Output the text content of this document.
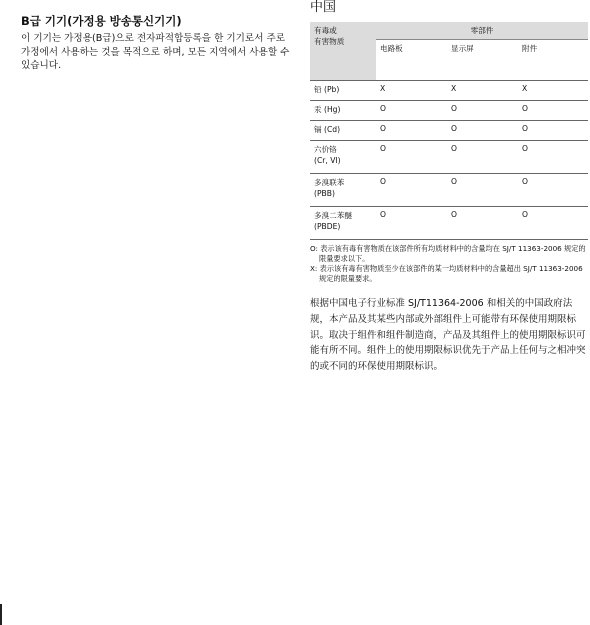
B급 기기(가정용 방송통신기기)

이 기기는 가정용(B급)으로 전자파적합등록을 한 기기로서 주로 가정에서 사용하는 것을 목적으로 하며, 모든 지역에서 사용할 수 있습니다.

中国
有毒或
有害物质	零部件		
	电路板	显示屏	附件
铅 (Pb)	X	X	X
汞 (Hg)	O	O	O
镉 (Cd)	O	O	O
六价铬
(Cr, VI)	O	O	O
多溴联苯
(PBB)	O	O	O
多溴二苯醚
(PBDE)	O	O	O
O: 表示该有毒有害物质在该部件所有均质材料中的含量均在 SJ/T 11363-2006 规定的限量要求以下。
X: 表示该有毒有害物质至少在该部件的某一均质材料中的含量超出 SJ/T 11363-2006 规定的限量要求。
根据中国电子行业标准 SJ/T11364-2006 和相关的中国政府法规，本产品及其某些内部或外部组件上可能带有环保使用期限标识。取决于组件和组件制造商，产品及其组件上的使用期限标识可能有所不同。组件上的使用期限标识优先于产品上任何与之相冲突的或不同的环保使用期限标识。
